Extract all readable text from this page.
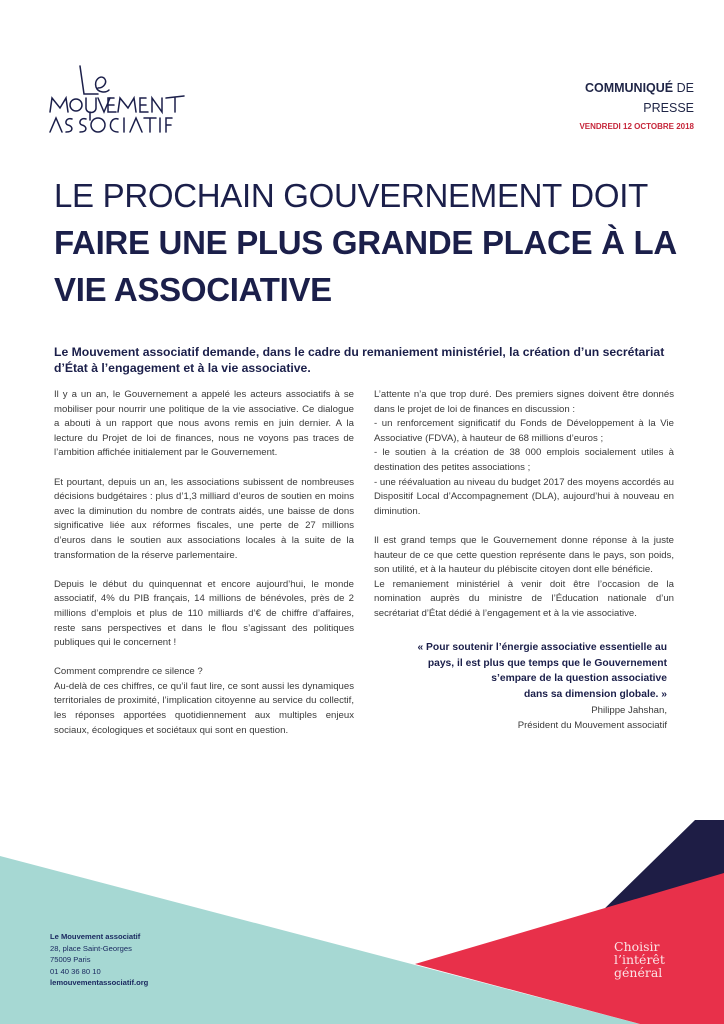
COMMUNIQUÉ DE
PRESSE
VENDREDI 12 OCTOBRE 2018
LE PROCHAIN GOUVERNEMENT DOIT
FAIRE UNE PLUS GRANDE PLACE À LA
VIE ASSOCIATIVE
Le Mouvement associatif demande, dans le cadre du remaniement ministériel, la création d’un secrétariat d’État à l’engagement et à la vie associative.

Il y a un an, le Gouvernement a appelé les acteurs associatifs à se mobiliser pour nourrir une politique de la vie associative. Ce dialogue a abouti à un rapport que nous avons remis en juin dernier. A la lecture du Projet de loi de finances, nous ne voyons pas traces de l’ambition affichée initialement par le Gouvernement.

Et pourtant, depuis un an, les associations subissent de nombreuses décisions budgétaires : plus d’1,3 milliard d’euros de soutien en moins avec la diminution du nombre de contrats aidés, une baisse de dons significative liée aux réformes fiscales, une perte de 27 millions d’euros dans le soutien aux associations locales à la suite de la transformation de la réserve parlementaire.

Depuis le début du quinquennat et encore aujourd’hui, le monde associatif, 4% du PIB français, 14 millions de bénévoles, près de 2 millions d’emplois et plus de 110 milliards d’€ de chiffre d’affaires, reste sans perspectives et dans le flou s’agissant des politiques publiques qui le concernent !

Comment comprendre ce silence ?

Au-delà de ces chiffres, ce qu’il faut lire, ce sont aussi les dynamiques territoriales de proximité, l’implication citoyenne au service du collectif, les réponses apportées quotidiennement aux multiples enjeux sociaux, écologiques et sociétaux qui sont en question.

L’attente n’a que trop duré. Des premiers signes doivent être donnés dans le projet de loi de finances en discussion :

- un renforcement significatif du Fonds de Développement à la Vie Associative (FDVA), à hauteur de 68 millions d’euros ;
- le soutien à la création de 38 000 emplois socialement utiles à destination des petites associations ;
- une réévaluation au niveau du budget 2017 des moyens accordés au Dispositif Local d’Accompagnement (DLA), aujourd’hui à nouveau en diminution.

Il est grand temps que le Gouvernement donne réponse à la juste hauteur de ce que cette question représente dans le pays, son poids, son utilité, et à la hauteur du plébiscite citoyen dont elle bénéficie.

Le remaniement ministériel à venir doit être l’occasion de la nomination auprès du ministre de l’Éducation nationale d’un secrétariat d’État dédié à l’engagement et à la vie associative.

« Pour soutenir l’énergie associative essentielle au
pays, il est plus que temps que le Gouvernement
s’empare de la question associative
dans sa dimension globale. »
Philippe Jahshan,
Président du Mouvement associatif
Le Mouvement associatif
28, place Saint-Georges
75009 Paris
01 40 36 80 10
lemouvementassociatif.org
Choisir
l’intérêt
général
